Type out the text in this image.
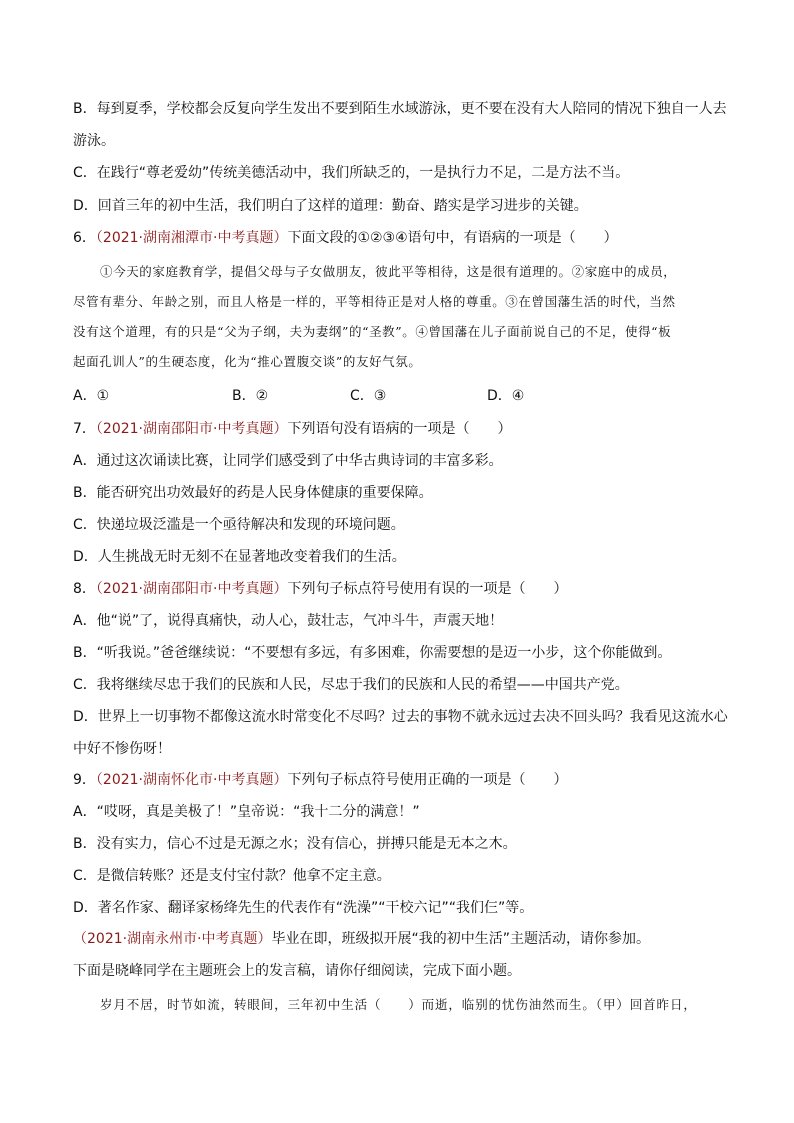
B．每到夏季，学校都会反复向学生发出不要到陌生水域游泳，更不要在没有大人陪同的情况下独自一人去
游泳。
C．在践行“尊老爱幼”传统美德活动中，我们所缺乏的，一是执行力不足，二是方法不当。
D．回首三年的初中生活，我们明白了这样的道理：勤奋、踏实是学习进步的关键。
6．（2021·湖南湘潭市·中考真题）下面文段的①②③④语句中，有语病的一项是（　　）
①今天的家庭教育学，提倡父母与子女做朋友，彼此平等相待，这是很有道理的。②家庭中的成员，
尽管有辈分、年龄之别，而且人格是一样的，平等相待正是对人格的尊重。③在曾国藩生活的时代，当然
没有这个道理，有的只是“父为子纲，夫为妻纲”的“圣教”。④曾国藩在儿子面前说自己的不足，使得“板
起面孔训人”的生硬态度，化为“推心置腹交谈”的友好气氛。
A．①	B．②	C．③	D．④
7．（2021·湖南邵阳市·中考真题）下列语句没有语病的一项是（　　）
A．通过这次诵读比赛，让同学们感受到了中华古典诗词的丰富多彩。
B．能否研究出功效最好的药是人民身体健康的重要保障。
C．快递垃圾泛滥是一个亟待解决和发现的环境问题。
D．人生挑战无时无刻不在显著地改变着我们的生活。
8．（2021·湖南邵阳市·中考真题）下列句子标点符号使用有误的一项是（　　）
A．他“说”了，说得真痛快，动人心，鼓壮志，气冲斗牛，声震天地！
B．“听我说。”爸爸继续说：“不要想有多远，有多困难，你需要想的是迈一小步，这个你能做到。
C．我将继续尽忠于我们的民族和人民，尽忠于我们的民族和人民的希望——中国共产党。
D．世界上一切事物不都像这流水时常变化不尽吗？过去的事物不就永远过去决不回头吗？我看见这流水心
中好不惨伤呀！
9．（2021·湖南怀化市·中考真题）下列句子标点符号使用正确的一项是（　　）
A．“哎呀，真是美极了！”皇帝说：“我十二分的满意！”
B．没有实力，信心不过是无源之水；没有信心，拼搏只能是无本之木。
C．是微信转账？还是支付宝付款？他拿不定主意。
D．著名作家、翻译家杨绛先生的代表作有“洗澡”“干校六记”“我们仨”等。
（2021·湖南永州市·中考真题）毕业在即，班级拟开展“我的初中生活”主题活动，请你参加。
下面是晓峰同学在主题班会上的发言稿，请你仔细阅读，完成下面小题。
岁月不居，时节如流，转眼间，三年初中生活（　　）而逝，临别的忧伤油然而生。（甲）回首昨日，
